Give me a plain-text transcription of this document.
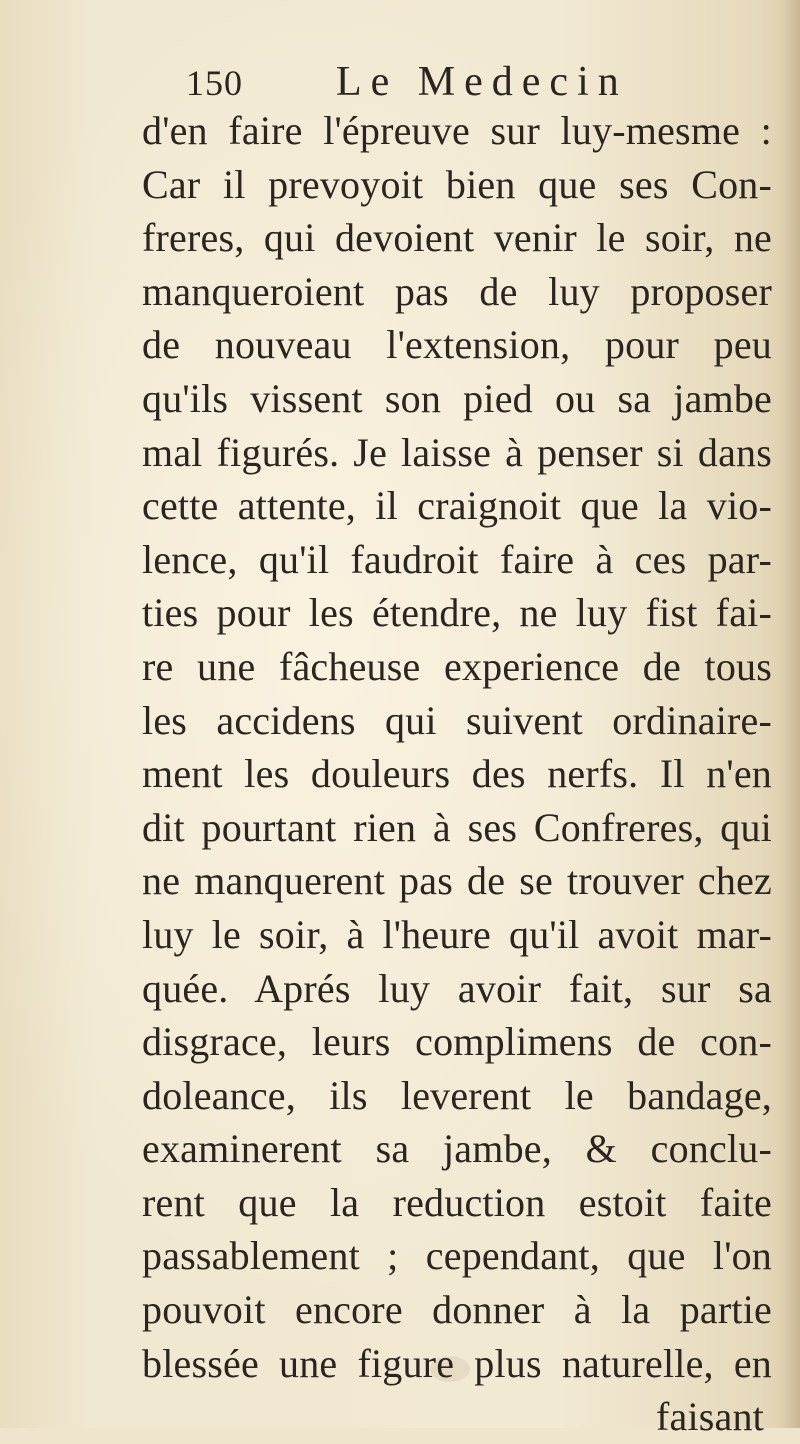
150 Le Medecin
d'en faire l'épreuve sur luy-mesme :
Car il prevoyoit bien que ses Con-
freres, qui devoient venir le soir, ne
manqueroient pas de luy proposer
de nouveau l'extension, pour peu
qu'ils vissent son pied ou sa jambe
mal figurés. Je laisse à penser si dans
cette attente, il craignoit que la vio-
lence, qu'il faudroit faire à ces par-
ties pour les étendre, ne luy fist fai-
re une fâcheuse experience de tous
les accidens qui suivent ordinaire-
ment les douleurs des nerfs. Il n'en
dit pourtant rien à ses Confreres, qui
ne manquerent pas de se trouver chez
luy le soir, à l'heure qu'il avoit mar-
quée. Aprés luy avoir fait, sur sa
disgrace, leurs complimens de con-
doleance, ils leverent le bandage,
examinerent sa jambe, & conclu-
rent que la reduction estoit faite
passablement ; cependant, que l'on
pouvoit encore donner à la partie
blessée une figure plus naturelle, en
faisant
